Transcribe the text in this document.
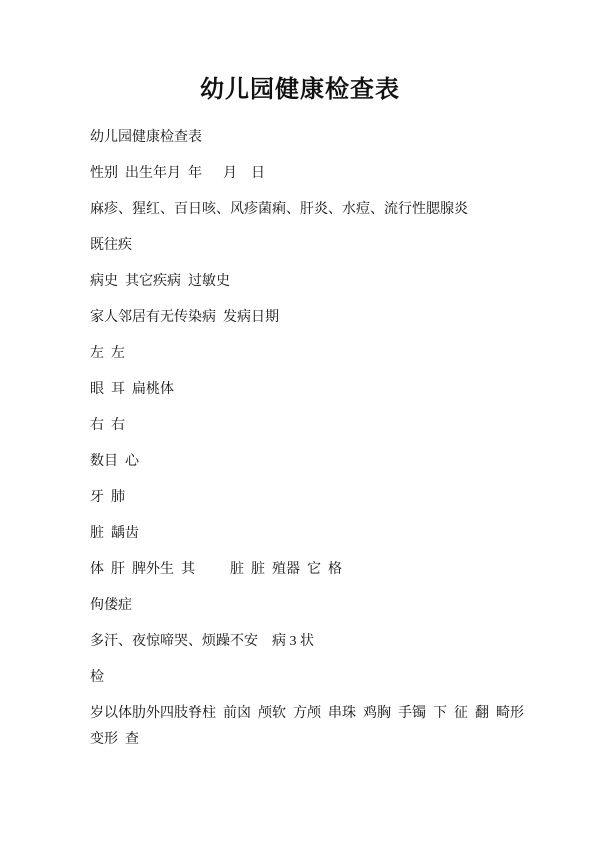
幼儿园健康检查表

幼儿园健康检查表

性别  出生年月  年      月    日

麻疹、猩红、百日咳、风疹菌痢、肝炎、水痘、流行性腮腺炎

既往疾

病史  其它疾病  过敏史

家人邻居有无传染病  发病日期

左  左

眼  耳  扁桃体

右  右

数目  心

牙  肺

脏  龋齿

体  肝  脾外生  其          脏  脏  殖器  它  格

佝偻症

多汗、夜惊啼哭、烦躁不安    病 3 状

检

岁以体肋外四肢脊柱  前囟  颅软  方颅  串珠  鸡胸  手镯  下  征  翻  畸形
变形  查
